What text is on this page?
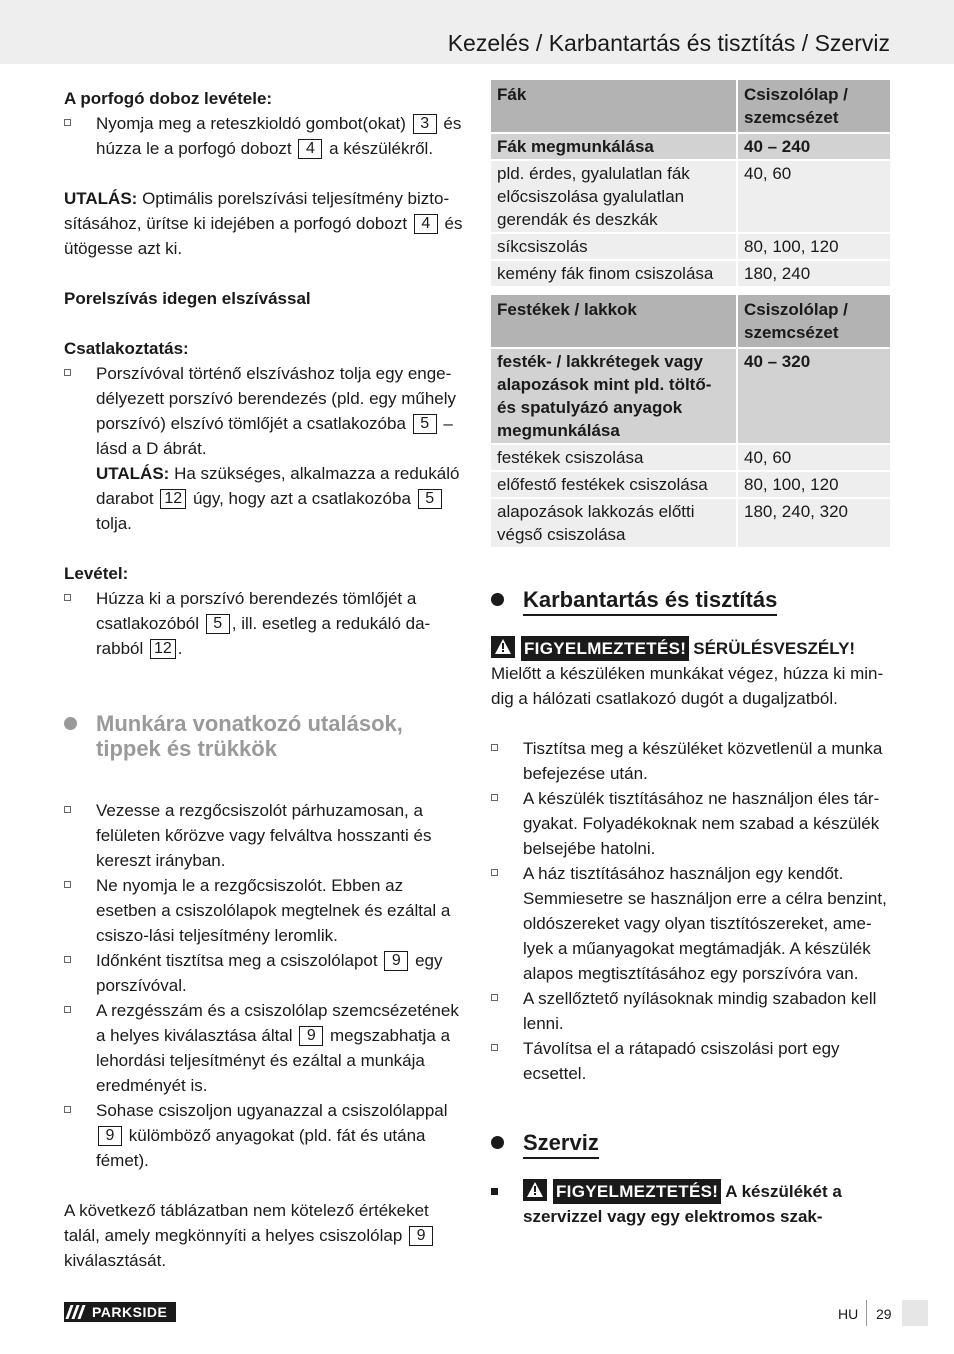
Kezelés / Karbantartás és tisztítás / Szerviz

A porfogó doboz levétele:

Nyomja meg a reteszkioldó gombot(okat) 3 és húzza le a porfogó dobozt 4 a készülékről.

UTALÁS: Optimális porelszívási teljesítmény bizto-sításához, ürítse ki idejében a porfogó dobozt 4 és ütögesse azt ki.

Porelszívás idegen elszívással

Csatlakoztatás:

Porszívóval történő elszíváshoz tolja egy enge-délyezett porszívó berendezés (pld. egy műhely porszívó) elszívó tömlőjét a csatlakozóba 5 – lásd a D ábrát.
UTALÁS: Ha szükséges, alkalmazza a redukáló darabot 12 úgy, hogy azt a csatlakozóba 5 tolja.

Levétel:

Húzza ki a porszívó berendezés tömlőjét a csatlakozóból 5 , ill. esetleg a redukáló da-rabból 12 .
Munkára vonatkozó utalások, tippek és trükkök
Vezesse a rezgőcsiszolót párhuzamosan, a felületen kőrözve vagy felváltva hosszanti és kereszt irányban.
Ne nyomja le a rezgőcsiszolót. Ebben az esetben a csiszolólapok megtelnek és ezáltal a csiszo-lási teljesítmény leromlik.
Időnként tisztítsa meg a csiszolólapot 9 egy porszívóval.
A rezgésszám és a csiszolólap szemcsézetének a helyes kiválasztása által 9 megszabhatja a lehordási teljesítményt és ezáltal a munkája eredményét is.
Sohase csiszoljon ugyanazzal a csiszolólappal 9 külömböző anyagokat (pld. fát és utána fémet).

A következő táblázatban nem kötelező értékeket talál, amely megkönnyíti a helyes csiszolólap 9 kiválasztását.

Fák	Csiszolólap / szemcsézet
Fák megmunkálása	40 – 240
pld. érdes, gyalulatlan fák előcsiszolása gyalulatlan gerendák és deszkák	40, 60
síkcsiszolás	80, 100, 120
kemény fák finom csiszolása	180, 240
Festékek / lakkok	Csiszolólap / szemcsézet
festék- / lakkrétegek vagy alapozások mint pld. töltő- és spatulyázó anyagok megmunkálása	40 – 320
festékek csiszolása	40, 60
előfestő festékek csiszolása	80, 100, 120
alapozások lakkozás előtti végső csiszolása	180, 240, 320
Karbantartás és tisztítás
FIGYELMEZTETÉS! SÉRÜLÉSVESZÉLY!

Mielőtt a készüléken munkákat végez, húzza ki min-dig a hálózati csatlakozó dugót a dugaljzatból.

Tisztítsa meg a készüléket közvetlenül a munka befejezése után.
A készülék tisztításához ne használjon éles tár-gyakat. Folyadékoknak nem szabad a készülék belsejébe hatolni.
A ház tisztításához használjon egy kendőt. Semmiesetre se használjon erre a célra benzint, oldószereket vagy olyan tisztítószereket, ame-lyek a műanyagokat megtámadják. A készülék alapos megtisztításához egy porszívóra van.
A szellőztető nyílásoknak mindig szabadon kell lenni.
Távolítsa el a rátapadó csiszolási port egy ecsettel.
Szerviz
FIGYELMEZTETÉS! A készülékét a szervizzel vagy egy elektromos szak-
PARKSIDE	HU 29
